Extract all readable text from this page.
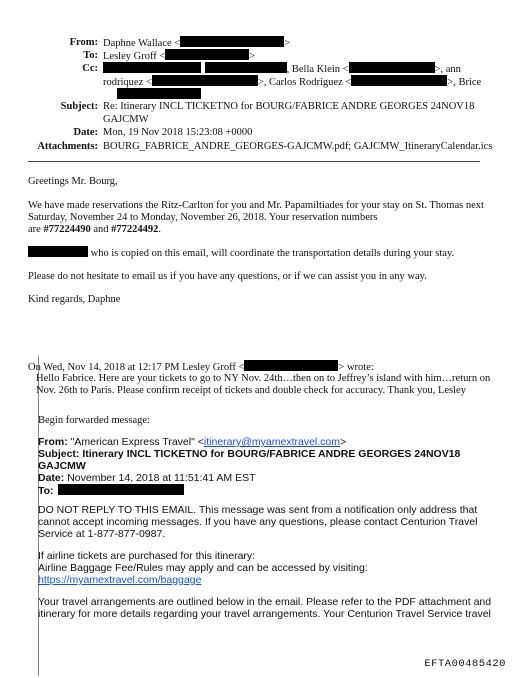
From: Daphne Wallace <	>
To: Lesley Groff <	>
Cc:	, Bella Klein <	>, ann
rodriquez <	>, Carlos Rodriguez <	>, Brice
Subject: Re: Itinerary INCL TICKETNO for BOURG/FABRICE ANDRE GEORGES 24NOV18
GAJCMW
Date: Mon, 19 Nov 2018 15:23:08 +0000
Attachments: BOURG_FABRICE_ANDRE_GEORGES-GAJCMW.pdf; GAJCMW_ItineraryCalendar.ics
Greetings Mr. Bourg,
We have made reservations the Ritz-Carlton for you and Mr. Papamiltiades for your stay on St. Thomas next
Saturday, November 24 to Monday, November 26, 2018. Your reservation numbers
are #77224490 and #77224492.
who is copied on this email, will coordinate the transportation details during your stay.
Please do not hesitate to email us if you have any questions, or if we can assist you in any way.
Kind regards, Daphne
On Wed, Nov 14, 2018 at 12:17 PM Lesley Groff <	> wrote:
Hello Fabrice. Here are your tickets to go to NY Nov. 24th…then on to Jeffrey’s island with him…return on
Nov. 26th to Paris. Please confirm receipt of tickets and double check for accuracy. Thank you, Lesley
Begin forwarded message:
From: "American Express Travel" <itinerary@myamextravel.com>
Subject: Itinerary INCL TICKETNO for BOURG/FABRICE ANDRE GEORGES 24NOV18
GAJCMW
Date: November 14, 2018 at 11:51:41 AM EST
To:
DO NOT REPLY TO THIS EMAIL. This message was sent from a notification only address that
cannot accept incoming messages. If you have any questions, please contact Centurion Travel
Service at 1-877-877-0987.
If airline tickets are purchased for this itinerary:
Airline Baggage Fee/Rules may apply and can be accessed by visiting:
https://myamextravel.com/baggage
Your travel arrangements are outlined below in the email. Please refer to the PDF attachment and
itinerary for more details regarding your travel arrangements. Your Centurion Travel Service travel
EFTA00485420
